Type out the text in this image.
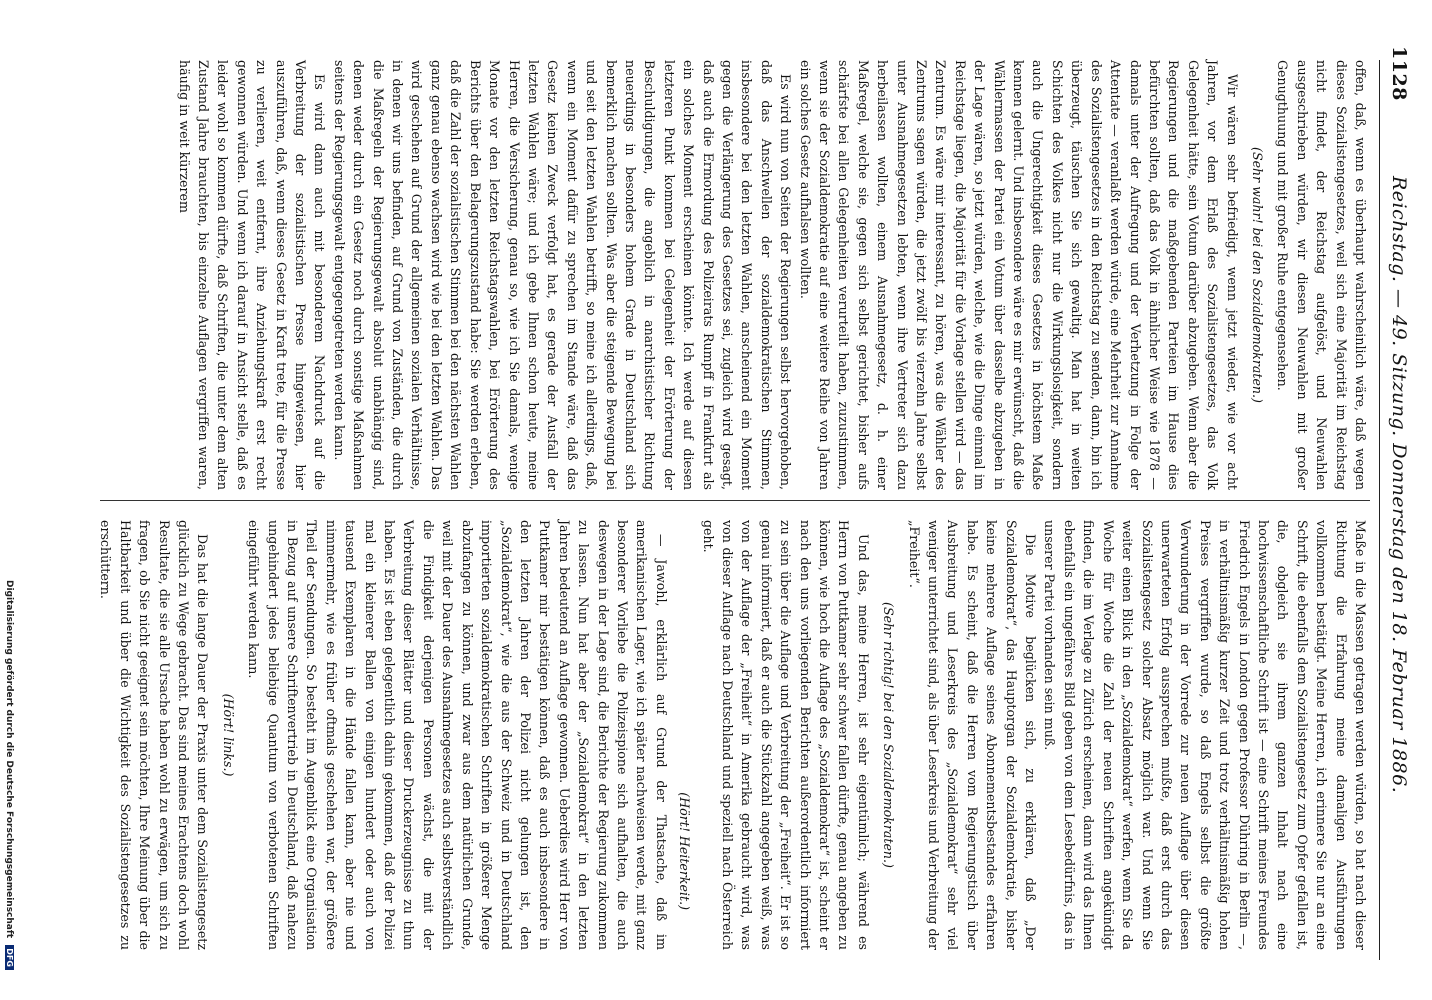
1128
Reichstag. — 49. Sitzung. Donnerstag den 18. Februar 1886.

offen, daß, wenn es überhaupt wahrscheinlich wäre, daß wegen dieses Sozialistengesetzes, weil sich eine Majorität im Reichstag nicht findet, der Reichstag aufgelöst, und Neuwahlen ausgeschrieben würden, wir diesen Neuwahlen mit großer Genugthuung und mit großer Ruhe entgegensehen.

(Sehr wahr! bei den Sozialdemokraten.)

Wir wären sehr befriedigt, wenn jetzt wieder, wie vor acht Jahren, vor dem Erlaß des Sozialistengesetzes, das Volk Gelegenheit hätte, sein Votum darüber abzugeben. Wenn aber die Regierungen und die maßgebenden Parteien im Hause dies befürchten sollten, daß das Volk in ähnlicher Weise wie 1878 — damals unter der Aufregung und der Verhetzung in Folge der Attentate — veranlaßt werden würde, eine Mehrheit zur Annahme des Sozialistengesetzes in den Reichstag zu senden, dann, bin ich überzeugt, täuschen Sie sich gewaltig. Man hat in weiten Schichten des Volkes nicht nur die Wirkungslosigkeit, sondern auch die Ungerechtigkeit dieses Gesetzes in höchstem Maße kennen gelernt. Und insbesondere wäre es mir erwünscht, daß die Wählermassen der Partei ein Votum über dasselbe abzugeben in der Lage wären, so jetzt würden, welche, wie die Dinge einmal im Reichstage liegen, die Majorität für die Vorlage stellen wird — das Zentrum. Es wäre mir interessant, zu hören, was die Wähler des Zentrums sagen würden, die jetzt zwölf bis vierzehn Jahre selbst unter Ausnahmegesetzen lebten, wenn ihre Vertreter sich dazu herbeilassen wollten, einem Ausnahmegesetz, d. h. einer Maßregel, welche sie, gegen sich selbst gerichtet, bisher aufs schärfste bei allen Gelegenheiten verurteilt haben, zuzustimmen, wenn sie der Sozialdemokratie auf eine weitere Reihe von Jahren ein solches Gesetz aufhalsen wollten.

Es wird nun von Seiten der Regierungen selbst hervorgehoben, daß das Anschwellen der sozialdemokratischen Stimmen, insbesondere bei den letzten Wahlen, anscheinend ein Moment gegen die Verlängerung des Gesetzes sei, zugleich wird gesagt, daß auch die Ermordung des Polizeirats Rumpff in Frankfurt als ein solches Moment erscheinen könnte. Ich werde auf diesen letzteren Punkt kommen bei Gelegenheit der Erörterung der Beschuldigungen, die angeblich in anarchistischer Richtung neuerdings in besonders hohem Grade in Deutschland sich bemerklich machen sollten. Was aber die steigende Bewegung bei und seit den letzten Wahlen betrifft, so meine ich allerdings, daß, wenn ein Moment dafür zu sprechen im Stande wäre, daß das Gesetz keinen Zweck verfolgt hat, es gerade der Ausfall der letzten Wahlen wäre; und ich gebe Ihnen schon heute, meine Herren, die Versicherung, genau so, wie ich Sie damals, wenige Monate vor den letzten Reichstagswahlen, bei Erörterung des Berichts über den Belagerungszustand habe: Sie werden erleben, daß die Zahl der sozialistischen Stimmen bei den nächsten Wahlen ganz genau ebenso wachsen wird wie bei den letzten Wahlen. Das wird geschehen auf Grund der allgemeinen sozialen Verhältnisse, in denen wir uns befinden, auf Grund von Zuständen, die durch die Maßregeln der Regierungsgewalt absolut unabhängig sind, denen weder durch ein Gesetz noch durch sonstige Maßnahmen seitens der Regierungsgewalt entgegengetreten werden kann.

Es wird dann auch mit besonderem Nachdruck auf die Verbreitung der sozialistischen Presse hingewiesen, hier auszuführen, daß, wenn dieses Gesetz in Kraft trete, für die Presse zu verlieren, weit entfernt, ihre Anziehungskraft erst recht gewonnen würden. Und wenn ich darauf in Ansicht stelle, daß es leider wohl so kommen dürfte, daß Schriften, die unter dem alten Zustand Jahre brauchten, bis einzelne Auflagen vergriffen waren, häufig in weit kürzerem

Maße in die Massen getragen werden würden, so hat nach dieser Richtung die Erfahrung meine damaligen Ausführungen vollkommen bestätigt. Meine Herren, ich erinnere Sie nur an eine Schrift, die ebenfalls dem Sozialistengesetz zum Opfer gefallen ist, die, obgleich sie ihrem ganzen Inhalt nach eine hochwissenschaftliche Schrift ist — eine Schrift meines Freundes Friedrich Engels in London gegen Professor Dühring in Berlin —, in verhältnismäßig kurzer Zeit und trotz verhältnismäßig hohen Preises vergriffen wurde, so daß Engels selbst die größte Verwunderung in der Vorrede zur neuen Auflage über diesen unerwarteten Erfolg aussprechen mußte, daß erst durch das Sozialistengesetz solcher Absatz möglich war. Und wenn Sie weiter einen Blick in den „Sozialdemokrat“ werfen, wenn Sie da Woche für Woche die Zahl der neuen Schriften angekündigt finden, die im Verlage zu Zürich erscheinen, dann wird das Ihnen ebenfalls ein ungefähres Bild geben von dem Lesebedürfnis, das in unserer Partei vorhanden sein muß.

Die Motive beglücken sich, zu erklären, daß „Der Sozialdemokrat“, das Hauptorgan der Sozialdemokratie, bisher keine mehrere Auflage seines Abonnementsbestandes erfahren habe. Es scheint, daß die Herren vom Regierungstisch über Ausbreitung und Leserkreis des „Sozialdemokrat“ sehr viel weniger unterrichtet sind, als über Leserkreis und Verbreitung der „Freiheit“.

(Sehr richtig! bei den Sozialdemokraten.)

Und das, meine Herren, ist sehr eigentümlich; während es Herrn von Puttkamer sehr schwer fallen dürfte, genau angeben zu können, wie hoch die Auflage des „Sozialdemokrat“ ist, scheint er nach den uns vorliegenden Berichten außerordentlich informiert zu sein über die Auflage und Verbreitung der „Freiheit“. Er ist so genau informiert, daß er auch die Stückzahl angegeben weiß, was von der Auflage der „Freiheit“ in Amerika gebraucht wird, was von dieser Auflage nach Deutschland und speziell nach Österreich geht.

(Hört! Heiterkeit.)

— Jawohl, erklärlich auf Grund der Thatsache, daß im amerikanischen Lager, wie ich später nachweisen werde, mit ganz besonderer Vorliebe die Polizeispione sich aufhalten, die auch deswegen in der Lage sind, die Berichte der Regierung zukommen zu lassen. Nun hat aber der „Sozialdemokrat“ in den letzten Jahren bedeutend an Auflage gewonnen. Ueberdies wird Herr von Puttkamer mir bestätigen können, daß es auch insbesondere in den letzten Jahren der Polizei nicht gelungen ist, den „Sozialdemokrat“, wie die aus der Schweiz und in Deutschland importierten sozialdemokratischen Schriften in größerer Menge abzufangen zu können, und zwar aus dem natürlichen Grunde, weil mit der Dauer des Ausnahmegesetzes auch selbstverständlich die Findigkeit derjenigen Personen wächst, die mit der Verbreitung dieser Blätter und dieser Druckerzeugnisse zu thun haben. Es ist eben gelegentlich dahin gekommen, daß der Polizei mal ein kleinerer Ballen von einigen hundert oder auch von tausend Exemplaren in die Hände fallen kann, aber nie und nimmermehr, wie es früher oftmals geschehen war, der größere Theil der Sendungen. So besteht im Augenblick eine Organisation in Bezug auf unsere Schriftenvertrieb in Deutschland, daß nahezu ungehindert jedes beliebige Quantum von verbotenen Schriften eingeführt werden kann.

(Hört! links.)

Das hat die lange Dauer der Praxis unter dem Sozialistengesetz glücklich zu Wege gebracht. Das sind meines Erachtens doch wohl Resultate, die sie alle Ursache haben wohl zu erwägen, um sich zu fragen, ob Sie nicht geeignet sein möchten, Ihre Meinung über die Haltbarkeit und über die Wichtigkeit des Sozialistengesetzes zu erschüttern.

Digitalisierung gefördert durch die Deutsche Forschungsgemeinschaft DFG
